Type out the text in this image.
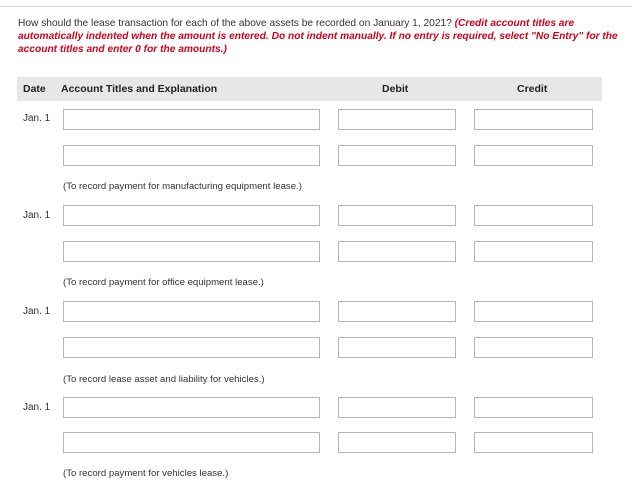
How should the lease transaction for each of the above assets be recorded on January 1, 2021? (Credit account titles are automatically indented when the amount is entered. Do not indent manually. If no entry is required, select "No Entry" for the account titles and enter 0 for the amounts.)
Date Account Titles and Explanation	Debit	Credit
Jan. 1
(To record payment for manufacturing equipment lease.)
Jan. 1
(To record payment for office equipment lease.)
Jan. 1
(To record lease asset and liability for vehicles.)
Jan. 1
(To record payment for vehicles lease.)
